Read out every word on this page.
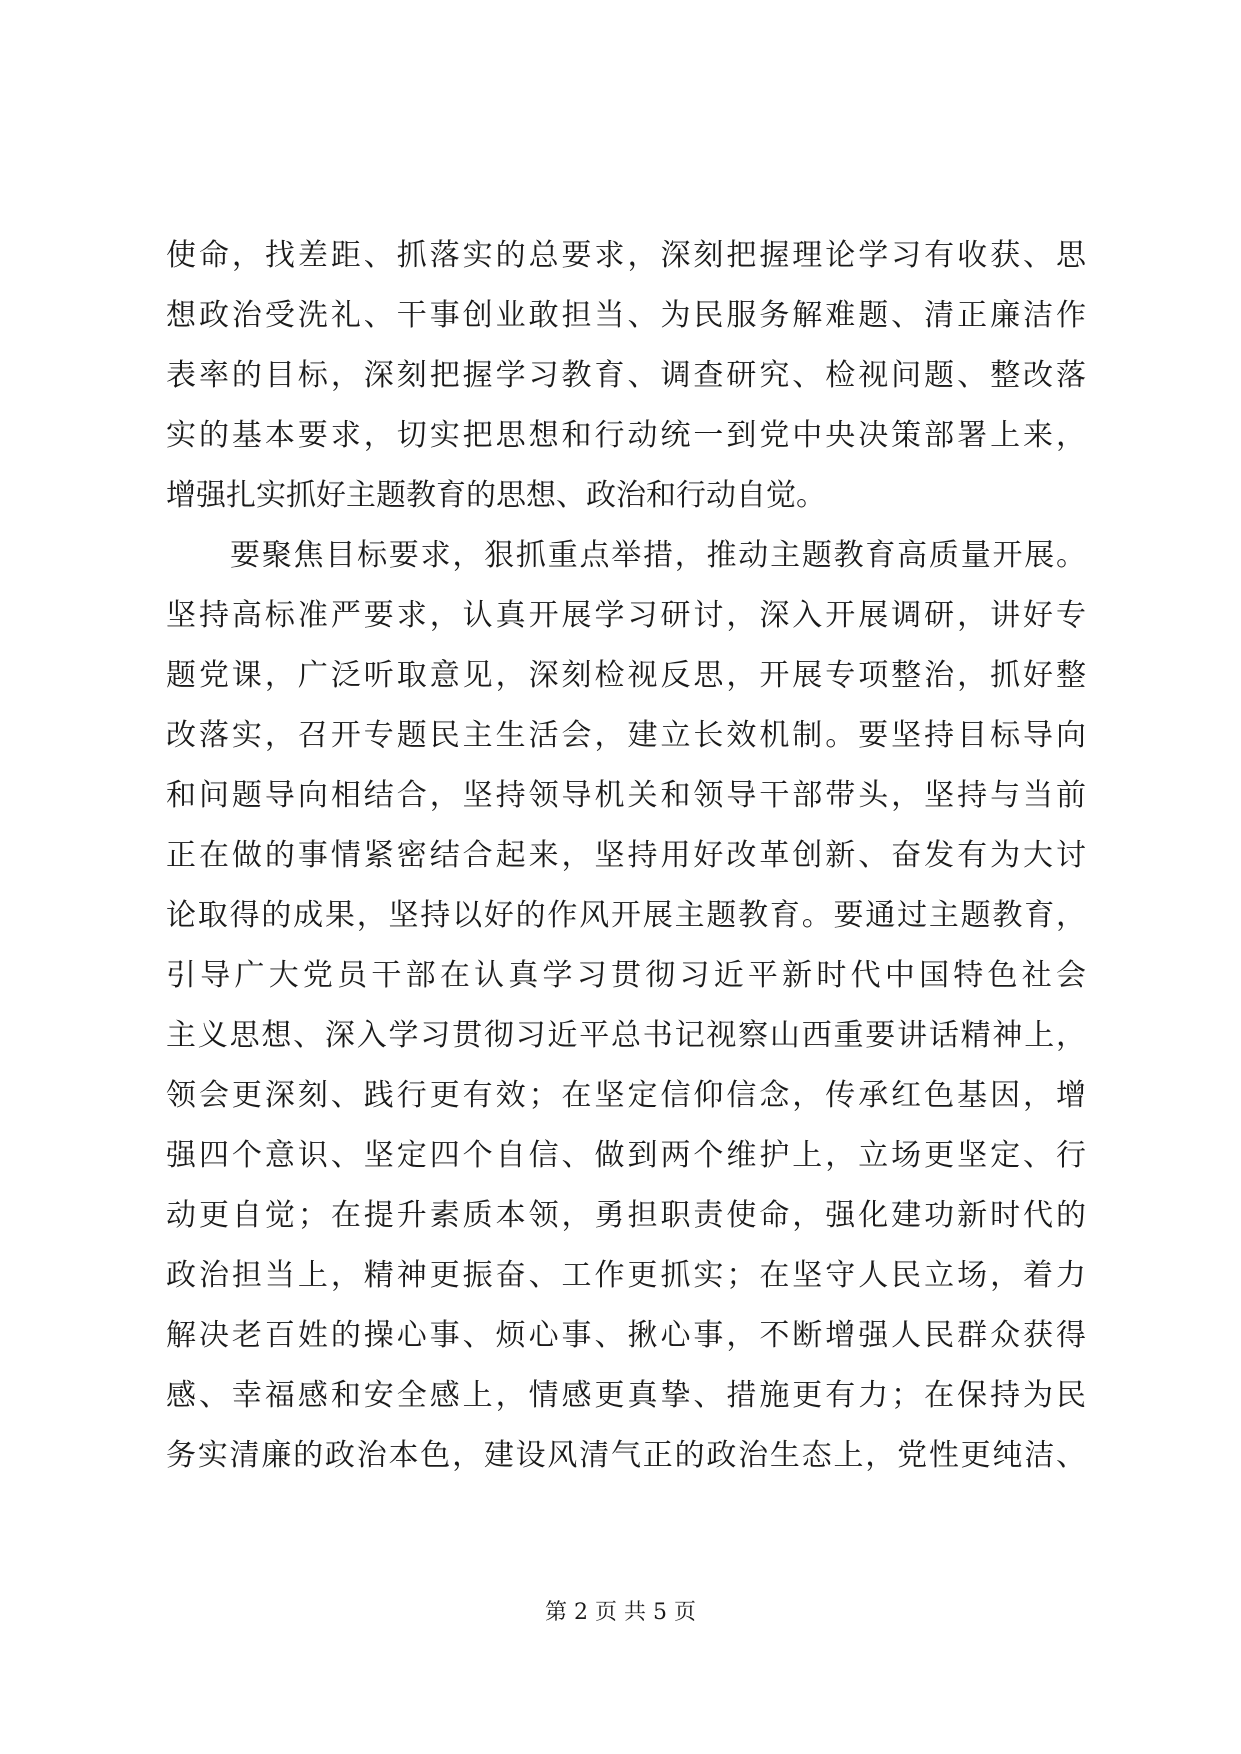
使命，找差距、抓落实的总要求，深刻把握理论学习有收获、思
想政治受洗礼、干事创业敢担当、为民服务解难题、清正廉洁作
表率的目标，深刻把握学习教育、调查研究、检视问题、整改落
实的基本要求，切实把思想和行动统一到党中央决策部署上来，
增强扎实抓好主题教育的思想、政治和行动自觉。
要聚焦目标要求，狠抓重点举措，推动主题教育高质量开展。
坚持高标准严要求，认真开展学习研讨，深入开展调研，讲好专
题党课，广泛听取意见，深刻检视反思，开展专项整治，抓好整
改落实，召开专题民主生活会，建立长效机制。要坚持目标导向
和问题导向相结合，坚持领导机关和领导干部带头，坚持与当前
正在做的事情紧密结合起来，坚持用好改革创新、奋发有为大讨
论取得的成果，坚持以好的作风开展主题教育。要通过主题教育，
引导广大党员干部在认真学习贯彻习近平新时代中国特色社会
主义思想、深入学习贯彻习近平总书记视察山西重要讲话精神上，
领会更深刻、践行更有效；在坚定信仰信念，传承红色基因，增
强四个意识、坚定四个自信、做到两个维护上，立场更坚定、行
动更自觉；在提升素质本领，勇担职责使命，强化建功新时代的
政治担当上，精神更振奋、工作更抓实；在坚守人民立场，着力
解决老百姓的操心事、烦心事、揪心事，不断增强人民群众获得
感、幸福感和安全感上，情感更真挚、措施更有力；在保持为民
务实清廉的政治本色，建设风清气正的政治生态上，党性更纯洁、
第 2 页 共 5 页
